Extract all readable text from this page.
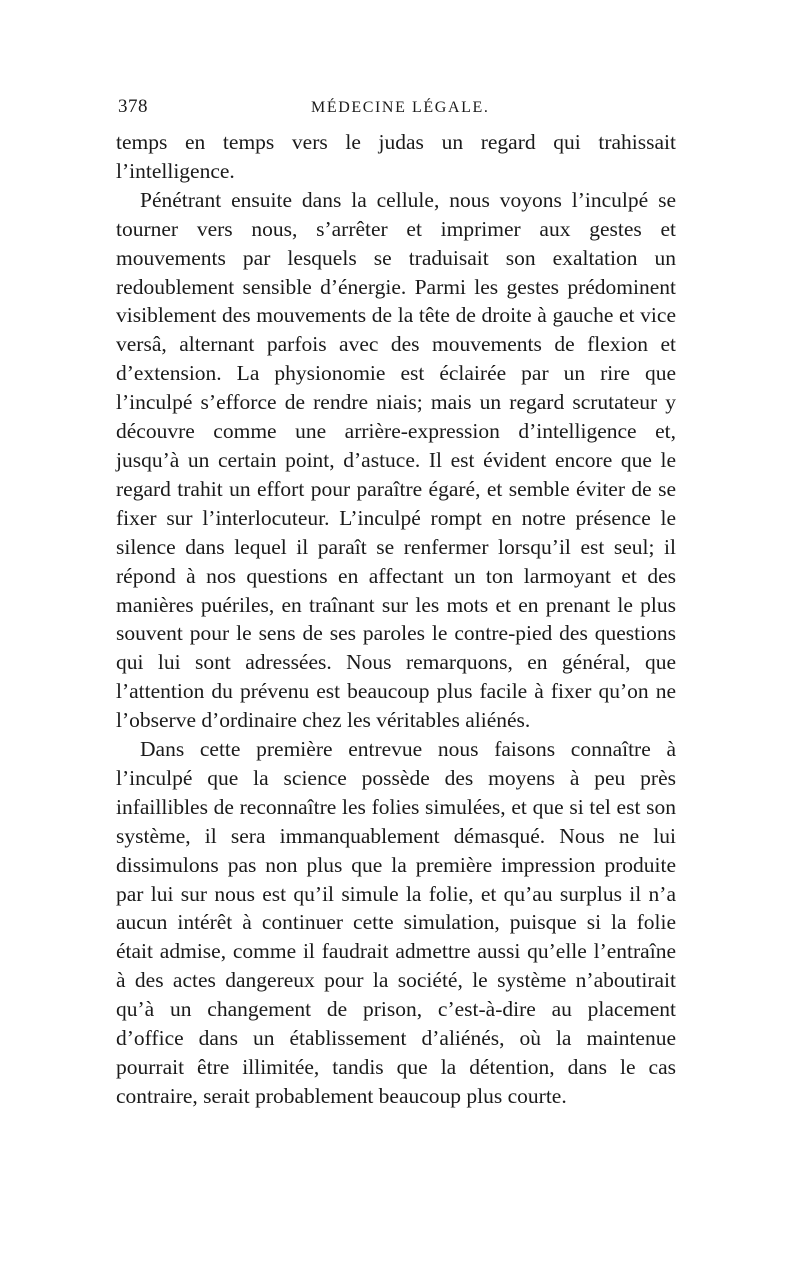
378	MÉDECINE LÉGALE.

temps en temps vers le judas un regard qui trahissait l’intelligence.

Pénétrant ensuite dans la cellule, nous voyons l’inculpé se tourner vers nous, s’arrêter et imprimer aux gestes et mouvements par lesquels se traduisait son exaltation un redoublement sensible d’énergie. Parmi les gestes prédominent visiblement des mouvements de la tête de droite à gauche et vice versâ, alternant parfois avec des mouvements de flexion et d’extension. La physionomie est éclairée par un rire que l’inculpé s’efforce de rendre niais; mais un regard scrutateur y découvre comme une arrière-expression d’intelligence et, jusqu’à un certain point, d’astuce. Il est évident encore que le regard trahit un effort pour paraître égaré, et semble éviter de se fixer sur l’interlocuteur. L’inculpé rompt en notre présence le silence dans lequel il paraît se renfermer lorsqu’il est seul; il répond à nos questions en affectant un ton larmoyant et des manières puériles, en traînant sur les mots et en prenant le plus souvent pour le sens de ses paroles le contre-pied des questions qui lui sont adressées. Nous remarquons, en général, que l’attention du prévenu est beaucoup plus facile à fixer qu’on ne l’observe d’ordinaire chez les véritables aliénés.

Dans cette première entrevue nous faisons connaître à l’inculpé que la science possède des moyens à peu près infaillibles de reconnaître les folies simulées, et que si tel est son système, il sera immanquablement démasqué. Nous ne lui dissimulons pas non plus que la première impression produite par lui sur nous est qu’il simule la folie, et qu’au surplus il n’a aucun intérêt à continuer cette simulation, puisque si la folie était admise, comme il faudrait admettre aussi qu’elle l’entraîne à des actes dangereux pour la société, le système n’aboutirait qu’à un changement de prison, c’est-à-dire au placement d’office dans un établissement d’aliénés, où la maintenue pourrait être illimitée, tandis que la détention, dans le cas contraire, serait probablement beaucoup plus courte.
